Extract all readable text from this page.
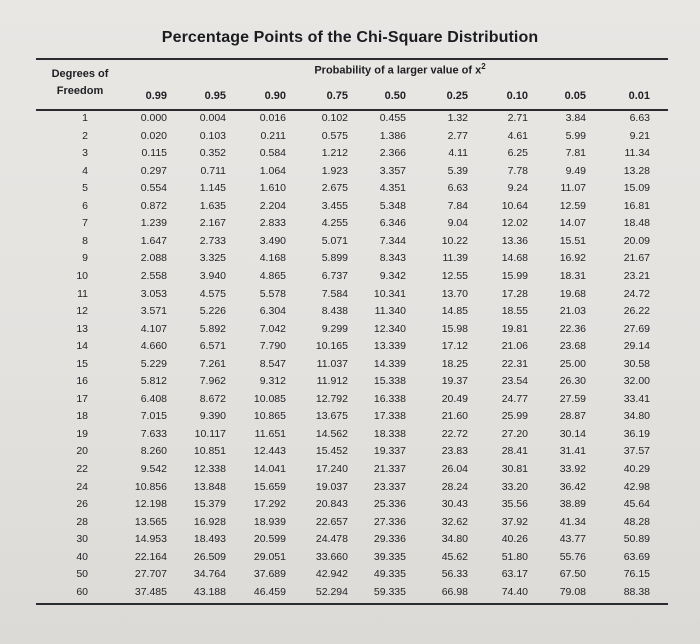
Percentage Points of the Chi-Square Distribution
Degrees of
Freedom
Probability of a larger value of $x^2$
0.99	0.95	0.90	0.75	0.50	0.25	0.10	0.05	0.01
1	0.000	0.004	0.016	0.102	0.455	1.32	2.71	3.84	6.63
2	0.020	0.103	0.211	0.575	1.386	2.77	4.61	5.99	9.21
3	0.115	0.352	0.584	1.212	2.366	4.11	6.25	7.81	11.34
4	0.297	0.711	1.064	1.923	3.357	5.39	7.78	9.49	13.28
5	0.554	1.145	1.610	2.675	4.351	6.63	9.24	11.07	15.09
6	0.872	1.635	2.204	3.455	5.348	7.84	10.64	12.59	16.81
7	1.239	2.167	2.833	4.255	6.346	9.04	12.02	14.07	18.48
8	1.647	2.733	3.490	5.071	7.344	10.22	13.36	15.51	20.09
9	2.088	3.325	4.168	5.899	8.343	11.39	14.68	16.92	21.67
10	2.558	3.940	4.865	6.737	9.342	12.55	15.99	18.31	23.21
11	3.053	4.575	5.578	7.584	10.341	13.70	17.28	19.68	24.72
12	3.571	5.226	6.304	8.438	11.340	14.85	18.55	21.03	26.22
13	4.107	5.892	7.042	9.299	12.340	15.98	19.81	22.36	27.69
14	4.660	6.571	7.790	10.165	13.339	17.12	21.06	23.68	29.14
15	5.229	7.261	8.547	11.037	14.339	18.25	22.31	25.00	30.58
16	5.812	7.962	9.312	11.912	15.338	19.37	23.54	26.30	32.00
17	6.408	8.672	10.085	12.792	16.338	20.49	24.77	27.59	33.41
18	7.015	9.390	10.865	13.675	17.338	21.60	25.99	28.87	34.80
19	7.633	10.117	11.651	14.562	18.338	22.72	27.20	30.14	36.19
20	8.260	10.851	12.443	15.452	19.337	23.83	28.41	31.41	37.57
22	9.542	12.338	14.041	17.240	21.337	26.04	30.81	33.92	40.29
24	10.856	13.848	15.659	19.037	23.337	28.24	33.20	36.42	42.98
26	12.198	15.379	17.292	20.843	25.336	30.43	35.56	38.89	45.64
28	13.565	16.928	18.939	22.657	27.336	32.62	37.92	41.34	48.28
30	14.953	18.493	20.599	24.478	29.336	34.80	40.26	43.77	50.89
40	22.164	26.509	29.051	33.660	39.335	45.62	51.80	55.76	63.69
50	27.707	34.764	37.689	42.942	49.335	56.33	63.17	67.50	76.15
60	37.485	43.188	46.459	52.294	59.335	66.98	74.40	79.08	88.38
